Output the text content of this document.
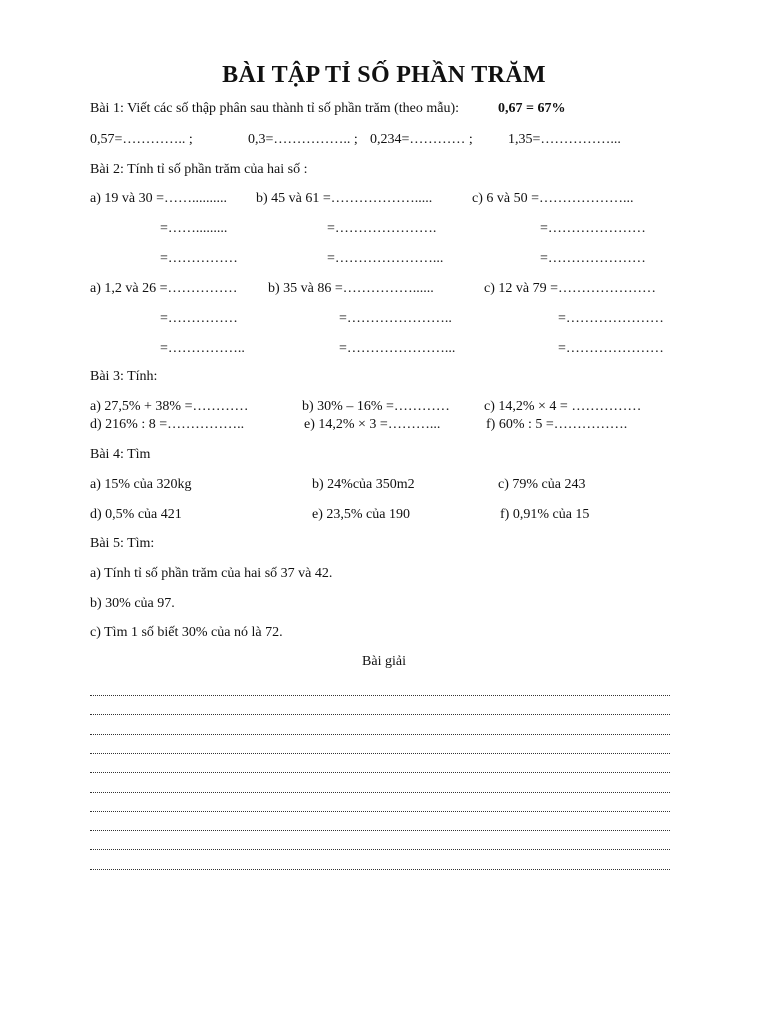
BÀI TẬP TỈ SỐ PHẦN TRĂM
Bài 1: Viết các số thập phân sau thành tỉ số phần trăm (theo mẫu):	0,67 = 67%
0,57=………….. ;	0,3=…………….. ; 0,234=………… ;	1,35=……………...
Bài 2: Tính tỉ số phần trăm của hai số :
a) 19 và 30 =…….......... b) 45 và 61 =……………….....	c) 6 và 50 =………………...
=…….........	=………………….	=…………………
=……………	=…………………...	=…………………
a) 1,2 và 26 =…………… b) 35 và 86 =……………......	c) 12 và 79 =…………………
=……………	=…………………..	=…………………
=……………..	=…………………...	=…………………
Bài 3: Tính:
a) 27,5% + 38% =…………	b) 30% – 16% =………… c) 14,2% × 4 = ……………
d) 216% : 8 =……………..	e) 14,2% × 3 =………...	f) 60% : 5 =…………….
Bài 4: Tìm
a) 15% của 320kg	b) 24%của 350m2	c) 79% của 243
d) 0,5% của 421	e) 23,5% của 190	f) 0,91% của 15
Bài 5: Tìm:
a) Tính tỉ số phần trăm của hai số 37 và 42.
b) 30% của 97.
c) Tìm 1 số biết 30% của nó là 72.
Bài giải
